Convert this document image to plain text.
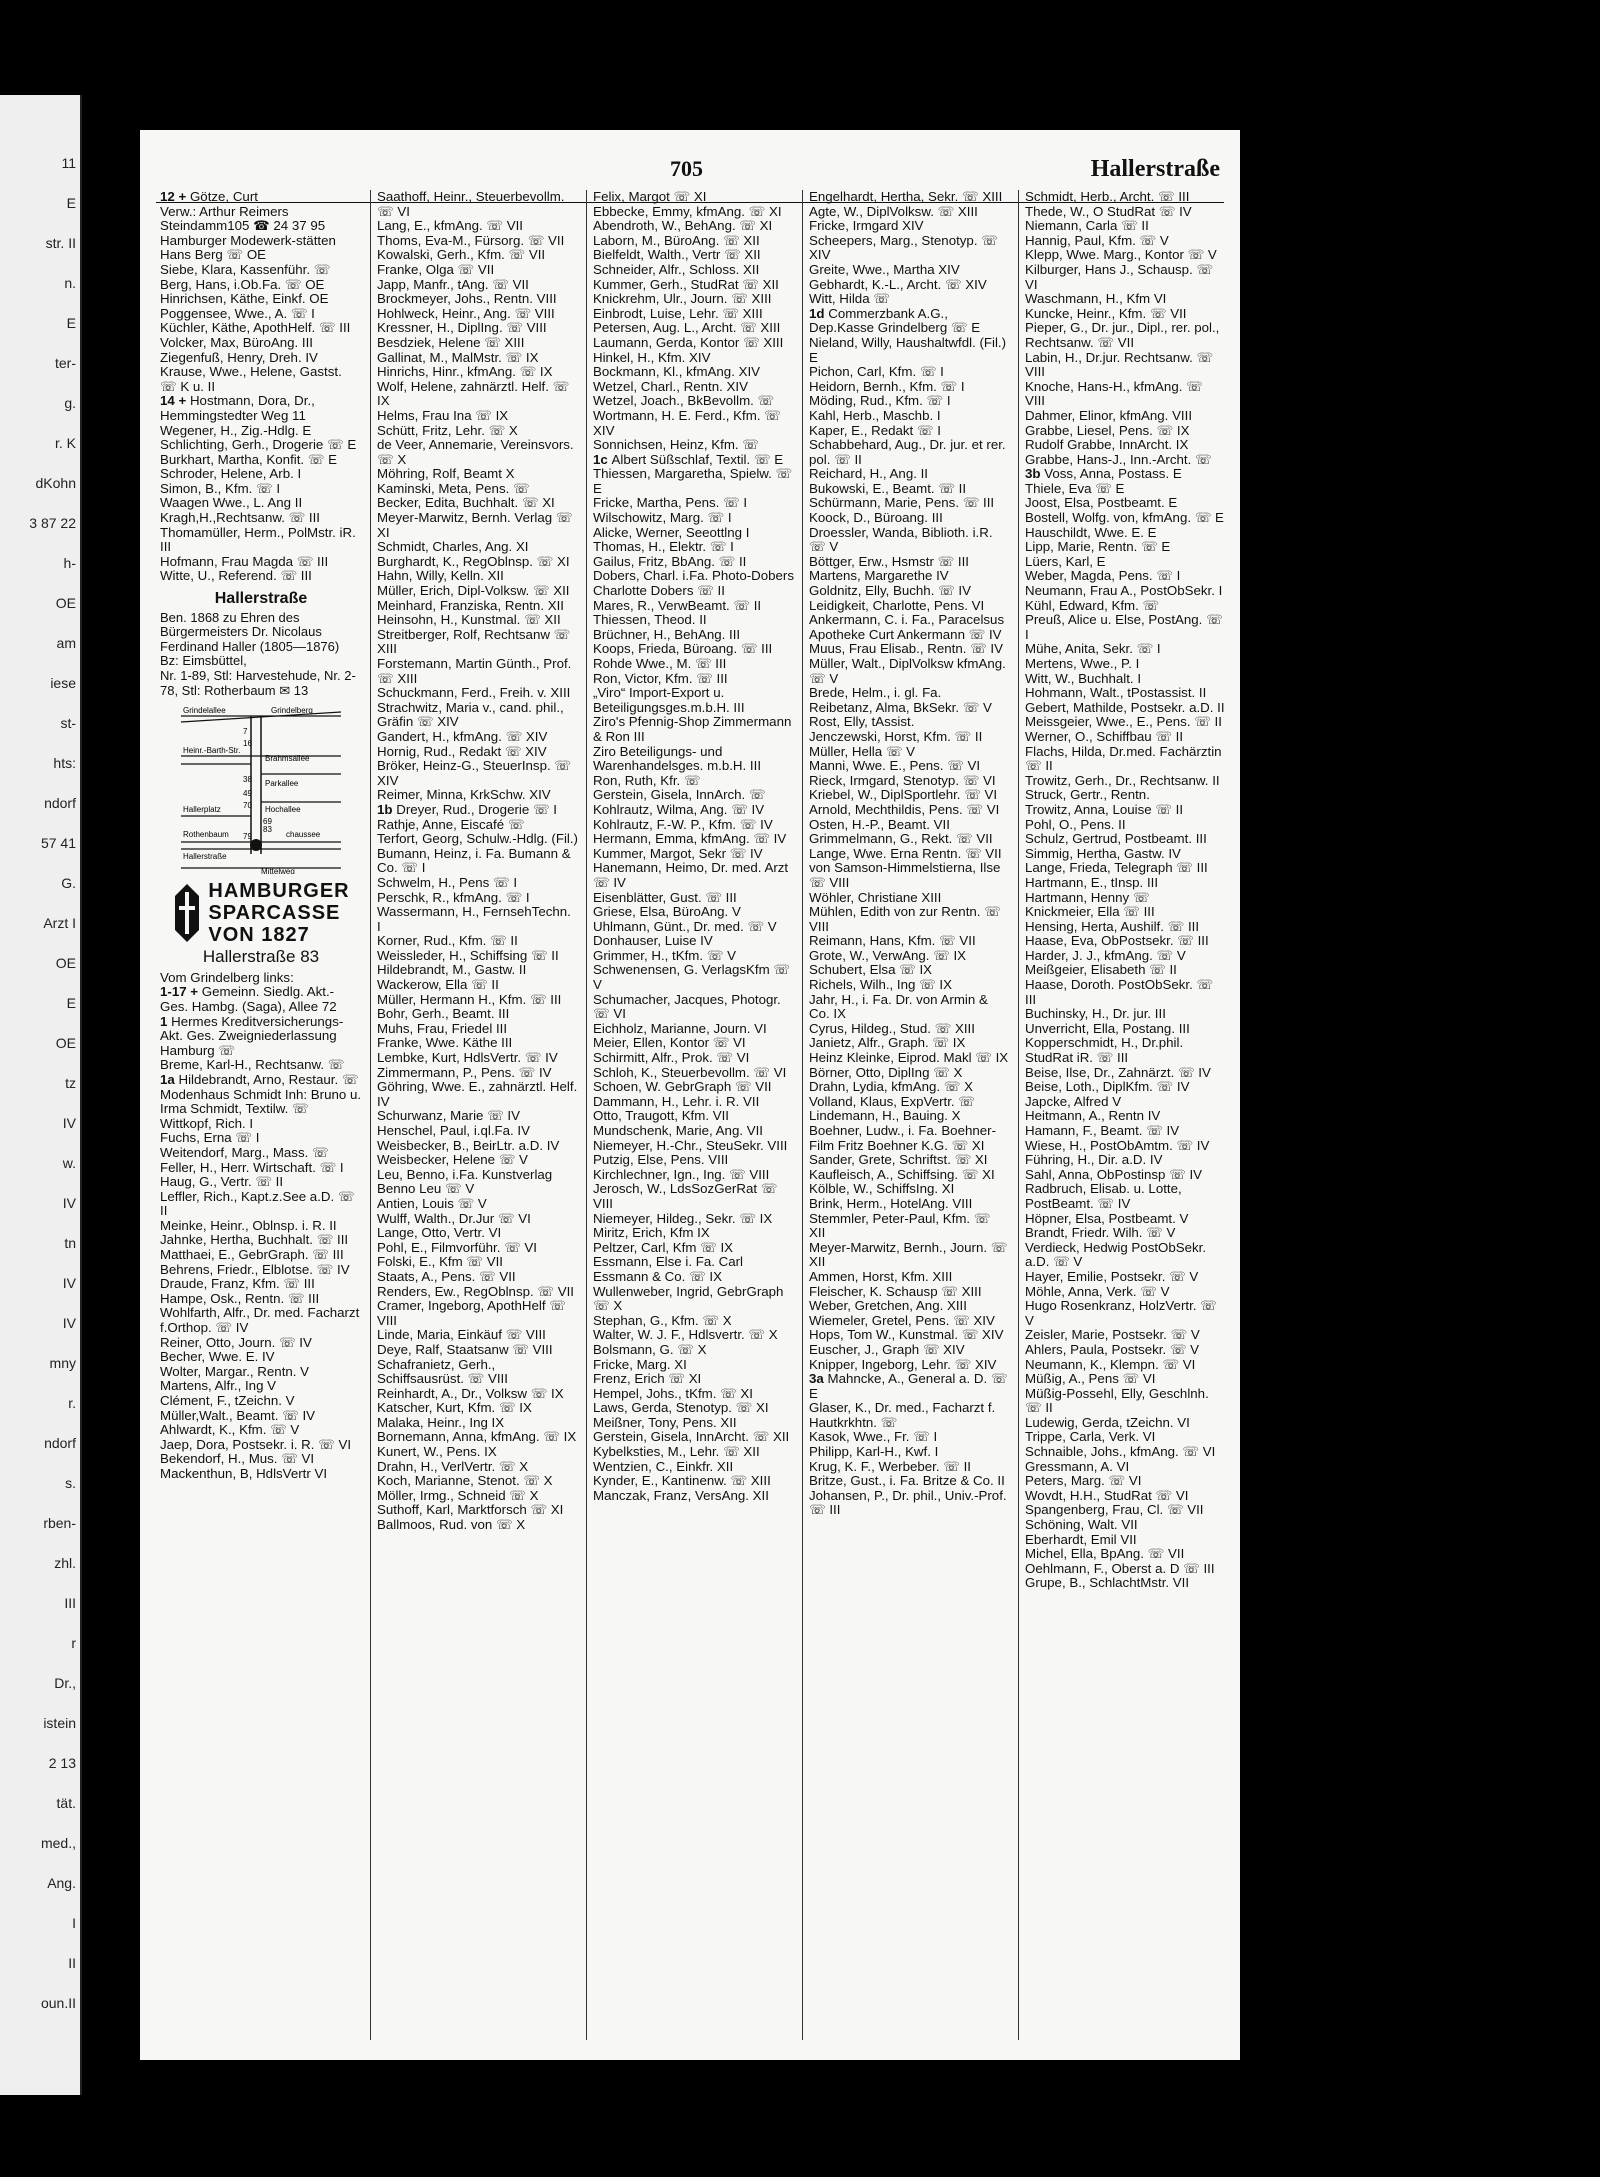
11
E
str. II
n.
E
ter-
g.
r. K
dKohn
3 87 22
h-
OE
am
iese
st-
hts:
ndorf
57 41
G.
Arzt I
OE
E
OE
tz
IV
w.
IV
tn
IV
IV
mny
r.
ndorf
s.
rben-
zhl.
III
r
Dr.,
istein
2 13
tät.
med.,
Ang.
I
II
oun.II
705	Hallerstraße
12 + Götze, Curt
Verw.: Arthur Reimers
Steindamm105 ☎ 24 37 95
Hamburger Modewerk-stätten Hans Berg ☏ OE
Siebe, Klara, Kassenführ. ☏
Berg, Hans, i.Ob.Fa. ☏ OE
Hinrichsen, Käthe, Einkf. OE
Poggensee, Wwe., A. ☏ I
Küchler, Käthe, ApothHelf. ☏ III
Volcker, Max, BüroAng. III
Ziegenfuß, Henry, Dreh. IV
Krause, Wwe., Helene, Gastst. ☏ K u. II
14 + Hostmann, Dora, Dr., Hemmingstedter Weg 11
Wegener, H., Zig.-Hdlg. E
Schlichting, Gerh., Drogerie ☏ E
Burkhart, Martha, Konfit. ☏ E
Schroder, Helene, Arb. I
Simon, B., Kfm. ☏ I
Waagen Wwe., L. Ang II
Kragh,H.,Rechtsanw. ☏ III
Thomamüller, Herm., PolMstr. iR. III
Hofmann, Frau Magda ☏ III
Witte, U., Referend. ☏ III
Hallerstraße
Ben. 1868 zu Ehren des Bürgermeisters Dr. Nicolaus Ferdinand Haller (1805—1876)
Bz: Eimsbüttel,
Nr. 1-89, Stl: Harvestehude, Nr. 2-78, Stl: Rotherbaum ✉ 13
Grindelallee	Grindelberg
Heinr.-Barth-Str.
Brahmsallee
Parkallee
Hochallee
Hallerplatz
Rothenbaum	chaussee
Hallerstraße
Mittelweg
7
16
38
49
70
69
83
79
HAMBURGER
SPARCASSE
VON 1827
Hallerstraße 83
Vom Grindelberg links:
1-17 + Gemeinn. Siedlg. Akt.-Ges. Hambg. (Saga), Allee 72
1 Hermes Kreditversicherungs-Akt. Ges. Zweigniederlassung Hamburg ☏
Breme, Karl-H., Rechtsanw. ☏
1a Hildebrandt, Arno, Restaur. ☏
Modenhaus Schmidt Inh: Bruno u. Irma Schmidt, Textilw. ☏
Wittkopf, Rich. I
Fuchs, Erna ☏ I
Weitendorf, Marg., Mass. ☏
Feller, H., Herr. Wirtschaft. ☏ I
Haug, G., Vertr. ☏ II
Leffler, Rich., Kapt.z.See a.D. ☏ II
Meinke, Heinr., Oblnsp. i. R. II
Jahnke, Hertha, Buchhalt. ☏ III
Matthaei, E., GebrGraph. ☏ III
Behrens, Friedr., Elblotse. ☏ IV
Draude, Franz, Kfm. ☏ III
Hampe, Osk., Rentn. ☏ III
Wohlfarth, Alfr., Dr. med. Facharzt f.Orthop. ☏ IV
Reiner, Otto, Journ. ☏ IV
Becher, Wwe. E. IV
Wolter, Margar., Rentn. V
Martens, Alfr., Ing V
Clément, F., tZeichn. V
Müller,Walt., Beamt. ☏ IV
Ahlwardt, K., Kfm. ☏ V
Jaep, Dora, Postsekr. i. R. ☏ VI
Bekendorf, H., Mus. ☏ VI
Mackenthun, B, HdlsVertr VI
Saathoff, Heinr., Steuerbevollm. ☏ VI
Lang, E., kfmAng. ☏ VII
Thoms, Eva-M., Fürsorg. ☏ VII
Kowalski, Gerh., Kfm. ☏ VII
Franke, Olga ☏ VII
Japp, Manfr., tAng. ☏ VII
Brockmeyer, Johs., Rentn. VIII
Hohlweck, Heinr., Ang. ☏ VIII
Kressner, H., DiplIng. ☏ VIII
Besdziek, Helene ☏ XIII
Gallinat, M., MalMstr. ☏ IX
Hinrichs, Hinr., kfmAng. ☏ IX
Wolf, Helene, zahnärztl. Helf. ☏ IX
Helms, Frau Ina ☏ IX
Schütt, Fritz, Lehr. ☏ X
de Veer, Annemarie, Vereinsvors. ☏ X
Möhring, Rolf, Beamt X
Kaminski, Meta, Pens. ☏
Becker, Edita, Buchhalt. ☏ XI
Meyer-Marwitz, Bernh. Verlag ☏ XI
Schmidt, Charles, Ang. XI
Burghardt, K., RegOblnsp. ☏ XI
Hahn, Willy, Kelln. XII
Müller, Erich, Dipl-Volksw. ☏ XII
Meinhard, Franziska, Rentn. XII
Heinsohn, H., Kunstmal. ☏ XII
Streitberger, Rolf, Rechtsanw ☏ XIII
Forstemann, Martin Günth., Prof. ☏ XIII
Schuckmann, Ferd., Freih. v. XIII
Strachwitz, Maria v., cand. phil., Gräfin ☏ XIV
Gandert, H., kfmAng. ☏ XIV
Hornig, Rud., Redakt ☏ XIV
Bröker, Heinz-G., SteuerInsp. ☏ XIV
Reimer, Minna, KrkSchw. XIV
1b Dreyer, Rud., Drogerie ☏ I
Rathje, Anne, Eiscafé ☏
Terfort, Georg, Schulw.-Hdlg. (Fil.)
Bumann, Heinz, i. Fa. Bumann & Co. ☏ I
Schwelm, H., Pens ☏ I
Perschk, R., kfmAng. ☏ I
Wassermann, H., FernsehTechn. I
Korner, Rud., Kfm. ☏ II
Weissleder, H., Schiffsing ☏ II
Hildebrandt, M., Gastw. II
Wackerow, Ella ☏ II
Müller, Hermann H., Kfm. ☏ III
Bohr, Gerh., Beamt. III
Muhs, Frau, Friedel III
Franke, Wwe. Käthe III
Lembke, Kurt, HdlsVertr. ☏ IV
Zimmermann, P., Pens. ☏ IV
Göhring, Wwe. E., zahnärztl. Helf. IV
Schurwanz, Marie ☏ IV
Henschel, Paul, i.ql.Fa. IV
Weisbecker, B., BeirLtr. a.D. IV
Weisbecker, Helene ☏ V
Leu, Benno, i.Fa. Kunstverlag Benno Leu ☏ V
Antien, Louis ☏ V
Wulff, Walth., Dr.Jur ☏ VI
Lange, Otto, Vertr. VI
Pohl, E., Filmvorführ. ☏ VI
Folski, E., Kfm ☏ VII
Staats, A., Pens. ☏ VII
Renders, Ew., RegOblnsp. ☏ VII
Cramer, Ingeborg, ApothHelf ☏ VIII
Linde, Maria, Einkäuf ☏ VIII
Deye, Ralf, Staatsanw ☏ VIII
Schafranietz, Gerh., Schiffsausrüst. ☏ VIII
Reinhardt, A., Dr., Volksw ☏ IX
Katscher, Kurt, Kfm. ☏ IX
Malaka, Heinr., Ing IX
Bornemann, Anna, kfmAng. ☏ IX
Kunert, W., Pens. IX
Drahn, H., VerlVertr. ☏ X
Koch, Marianne, Stenot. ☏ X
Möller, Irmg., Schneid ☏ X
Suthoff, Karl, Marktforsch ☏ XI
Ballmoos, Rud. von ☏ X
Felix, Margot ☏ XI
Ebbecke, Emmy, kfmAng. ☏ XI
Abendroth, W., BehAng. ☏ XI
Laborn, M., BüroAng. ☏ XII
Bielfeldt, Walth., Vertr ☏ XII
Schneider, Alfr., Schloss. XII
Kummer, Gerh., StudRat ☏ XII
Knickrehm, Ulr., Journ. ☏ XIII
Einbrodt, Luise, Lehr. ☏ XIII
Petersen, Aug. L., Archt. ☏ XIII
Laumann, Gerda, Kontor ☏ XIII
Hinkel, H., Kfm. XIV
Bockmann, Kl., kfmAng. XIV
Wetzel, Charl., Rentn. XIV
Wetzel, Joach., BkBevollm. ☏
Wortmann, H. E. Ferd., Kfm. ☏ XIV
Sonnichsen, Heinz, Kfm. ☏
1c Albert Süßschlaf, Textil. ☏ E
Thiessen, Margaretha, Spielw. ☏ E
Fricke, Martha, Pens. ☏ I
Wilschowitz, Marg. ☏ I
Alicke, Werner, Seeottlng I
Thomas, H., Elektr. ☏ I
Gailus, Fritz, BbAng. ☏ II
Dobers, Charl. i.Fa. Photo-Dobers Charlotte Dobers ☏ II
Mares, R., VerwBeamt. ☏ II
Thiessen, Theod. II
Brüchner, H., BehAng. III
Koops, Frieda, Büroang. ☏ III
Rohde Wwe., M. ☏ III
Ron, Victor, Kfm. ☏ III
„Viro“ Import-Export u. Beteiligungsges.m.b.H. III
Ziro's Pfennig-Shop Zimmermann & Ron III
Ziro Beteiligungs- und Warenhandelsges. m.b.H. III
Ron, Ruth, Kfr. ☏
Gerstein, Gisela, InnArch. ☏
Kohlrautz, Wilma, Ang. ☏ IV
Kohlrautz, F.-W. P., Kfm. ☏ IV
Hermann, Emma, kfmAng. ☏ IV
Kummer, Margot, Sekr ☏ IV
Hanemann, Heimo, Dr. med. Arzt ☏ IV
Eisenblätter, Gust. ☏ III
Griese, Elsa, BüroAng. V
Uhlmann, Günt., Dr. med. ☏ V
Donhauser, Luise IV
Grimmer, H., tKfm. ☏ V
Schwenensen, G. VerlagsKfm ☏ V
Schumacher, Jacques, Photogr. ☏ VI
Eichholz, Marianne, Journ. VI
Meier, Ellen, Kontor ☏ VI
Schirmitt, Alfr., Prok. ☏ VI
Schloh, K., Steuerbevollm. ☏ VI
Schoen, W. GebrGraph ☏ VII
Dammann, H., Lehr. i. R. VII
Otto, Traugott, Kfm. VII
Mundschenk, Marie, Ang. VII
Niemeyer, H.-Chr., SteuSekr. VIII
Putzig, Else, Pens. VIII
Kirchlechner, Ign., Ing. ☏ VIII
Jerosch, W., LdsSozGerRat ☏ VIII
Niemeyer, Hildeg., Sekr. ☏ IX
Miritz, Erich, Kfm IX
Peltzer, Carl, Kfm ☏ IX
Essmann, Else i. Fa. Carl Essmann & Co. ☏ IX
Wullenweber, Ingrid, GebrGraph ☏ X
Stephan, G., Kfm. ☏ X
Walter, W. J. F., Hdlsvertr. ☏ X
Bolsmann, G. ☏ X
Fricke, Marg. XI
Frenz, Erich ☏ XI
Hempel, Johs., tKfm. ☏ XI
Laws, Gerda, Stenotyp. ☏ XI
Meißner, Tony, Pens. XII
Gerstein, Gisela, InnArcht. ☏ XII
Kybelksties, M., Lehr. ☏ XII
Wentzien, C., Einkfr. XII
Kynder, E., Kantinenw. ☏ XIII
Manczak, Franz, VersAng. XII
Engelhardt, Hertha, Sekr. ☏ XIII
Agte, W., DiplVolksw. ☏ XIII
Fricke, Irmgard XIV
Scheepers, Marg., Stenotyp. ☏ XIV
Greite, Wwe., Martha XIV
Gebhardt, K.-L., Archt. ☏ XIV
Witt, Hilda ☏
1d Commerzbank A.G., Dep.Kasse Grindelberg ☏ E
Nieland, Willy, Haushaltwfdl. (Fil.) E
Pichon, Carl, Kfm. ☏ I
Heidorn, Bernh., Kfm. ☏ I
Möding, Rud., Kfm. ☏ I
Kahl, Herb., Maschb. I
Kaper, E., Redakt ☏ I
Schabbehard, Aug., Dr. jur. et rer. pol. ☏ II
Reichard, H., Ang. II
Bukowski, E., Beamt. ☏ II
Schürmann, Marie, Pens. ☏ III
Koock, D., Büroang. III
Droessler, Wanda, Biblioth. i.R. ☏ V
Böttger, Erw., Hsmstr ☏ III
Martens, Margarethe IV
Goldnitz, Elly, Buchh. ☏ IV
Leidigkeit, Charlotte, Pens. VI
Ankermann, C. i. Fa., Paracelsus Apotheke Curt Ankermann ☏ IV
Muus, Frau Elisab., Rentn. ☏ IV
Müller, Walt., DiplVolksw kfmAng. ☏ V
Brede, Helm., i. gl. Fa.
Reibetanz, Alma, BkSekr. ☏ V
Rost, Elly, tAssist.
Jenczewski, Horst, Kfm. ☏ II
Müller, Hella ☏ V
Manni, Wwe. E., Pens. ☏ VI
Rieck, Irmgard, Stenotyp. ☏ VI
Kriebel, W., DiplSportlehr. ☏ VI
Arnold, Mechthildis, Pens. ☏ VI
Osten, H.-P., Beamt. VII
Grimmelmann, G., Rekt. ☏ VII
Lange, Wwe. Erna Rentn. ☏ VII
von Samson-Himmelstierna, Ilse ☏ VIII
Wöhler, Christiane XIII
Mühlen, Edith von zur Rentn. ☏ VIII
Reimann, Hans, Kfm. ☏ VII
Grote, W., VerwAng. ☏ IX
Schubert, Elsa ☏ IX
Richels, Wilh., Ing ☏ IX
Jahr, H., i. Fa. Dr. von Armin & Co. IX
Cyrus, Hildeg., Stud. ☏ XIII
Janietz, Alfr., Graph. ☏ IX
Heinz Kleinke, Eiprod. Makl ☏ IX
Börner, Otto, DiplIng ☏ X
Drahn, Lydia, kfmAng. ☏ X
Volland, Klaus, ExpVertr. ☏
Lindemann, H., Bauing. X
Boehner, Ludw., i. Fa. Boehner-Film Fritz Boehner K.G. ☏ XI
Sander, Grete, Schriftst. ☏ XI
Kaufleisch, A., Schiffsing. ☏ XI
Kölble, W., SchiffsIng. XI
Brink, Herm., HotelAng. VIII
Stemmler, Peter-Paul, Kfm. ☏ XII
Meyer-Marwitz, Bernh., Journ. ☏ XII
Ammen, Horst, Kfm. XIII
Fleischer, K. Schausp ☏ XIII
Weber, Gretchen, Ang. XIII
Wiemeler, Gretel, Pens. ☏ XIV
Hops, Tom W., Kunstmal. ☏ XIV
Euscher, J., Graph ☏ XIV
Knipper, Ingeborg, Lehr. ☏ XIV
3a Mahncke, A., General a. D. ☏ E
Glaser, K., Dr. med., Facharzt f. Hautkrkhtn. ☏
Kasok, Wwe., Fr. ☏ I
Philipp, Karl-H., Kwf. I
Krug, K. F., Werbeber. ☏ II
Britze, Gust., i. Fa. Britze & Co. II
Johansen, P., Dr. phil., Univ.-Prof. ☏ III
Schmidt, Herb., Archt. ☏ III
Thede, W., O StudRat ☏ IV
Niemann, Carla ☏ II
Hannig, Paul, Kfm. ☏ V
Klepp, Wwe. Marg., Kontor ☏ V
Kilburger, Hans J., Schausp. ☏ VI
Waschmann, H., Kfm VI
Kuncke, Heinr., Kfm. ☏ VII
Pieper, G., Dr. jur., Dipl., rer. pol., Rechtsanw. ☏ VII
Labin, H., Dr.jur. Rechtsanw. ☏ VIII
Knoche, Hans-H., kfmAng. ☏ VIII
Dahmer, Elinor, kfmAng. VIII
Grabbe, Liesel, Pens. ☏ IX
Rudolf Grabbe, InnArcht. IX
Grabbe, Hans-J., Inn.-Archt. ☏
3b Voss, Anna, Postass. E
Thiele, Eva ☏ E
Joost, Elsa, Postbeamt. E
Bostell, Wolfg. von, kfmAng. ☏ E
Hauschildt, Wwe. E. E
Lipp, Marie, Rentn. ☏ E
Lüers, Karl, E
Weber, Magda, Pens. ☏ I
Neumann, Frau A., PostObSekr. I
Kühl, Edward, Kfm. ☏
Preuß, Alice u. Else, PostAng. ☏ I
Mühe, Anita, Sekr. ☏ I
Mertens, Wwe., P. I
Witt, W., Buchhalt. I
Hohmann, Walt., tPostassist. II
Gebert, Mathilde, Postsekr. a.D. II
Meissgeier, Wwe., E., Pens. ☏ II
Werner, O., Schiffbau ☏ II
Flachs, Hilda, Dr.med. Fachärztin ☏ II
Trowitz, Gerh., Dr., Rechtsanw. II
Struck, Gertr., Rentn.
Trowitz, Anna, Louise ☏ II
Pohl, O., Pens. II
Schulz, Gertrud, Postbeamt. III
Simmig, Hertha, Gastw. IV
Lange, Frieda, Telegraph ☏ III
Hartmann, E., tInsp. III
Hartmann, Henny ☏
Knickmeier, Ella ☏ III
Hensing, Herta, Aushilf. ☏ III
Haase, Eva, ObPostsekr. ☏ III
Harder, J. J., kfmAng. ☏ V
Meißgeier, Elisabeth ☏ II
Haase, Doroth. PostObSekr. ☏ III
Buchinsky, H., Dr. jur. III
Unverricht, Ella, Postang. III
Kopperschmidt, H., Dr.phil. StudRat iR. ☏ III
Beise, Ilse, Dr., Zahnärzt. ☏ IV
Beise, Loth., DiplKfm. ☏ IV
Japcke, Alfred V
Heitmann, A., Rentn IV
Hamann, F., Beamt. ☏ IV
Wiese, H., PostObAmtm. ☏ IV
Führing, H., Dir. a.D. IV
Sahl, Anna, ObPostinsp ☏ IV
Radbruch, Elisab. u. Lotte, PostBeamt. ☏ IV
Höpner, Elsa, Postbeamt. V
Brandt, Friedr. Wilh. ☏ V
Verdieck, Hedwig PostObSekr. a.D. ☏ V
Hayer, Emilie, Postsekr. ☏ V
Möhle, Anna, Verk. ☏ V
Hugo Rosenkranz, HolzVertr. ☏ V
Zeisler, Marie, Postsekr. ☏ V
Ahlers, Paula, Postsekr. ☏ V
Neumann, K., Klempn. ☏ VI
Müßig, A., Pens ☏ VI
Müßig-Possehl, Elly, Geschlnh. ☏ II
Ludewig, Gerda, tZeichn. VI
Trippe, Carla, Verk. VI
Schnaible, Johs., kfmAng. ☏ VI
Gressmann, A. VI
Peters, Marg. ☏ VI
Wovdt, H.H., StudRat ☏ VI
Spangenberg, Frau, Cl. ☏ VII
Schöning, Walt. VII
Eberhardt, Emil VII
Michel, Ella, BpAng. ☏ VII
Oehlmann, F., Oberst a. D ☏ III
Grupe, B., SchlachtMstr. VII
